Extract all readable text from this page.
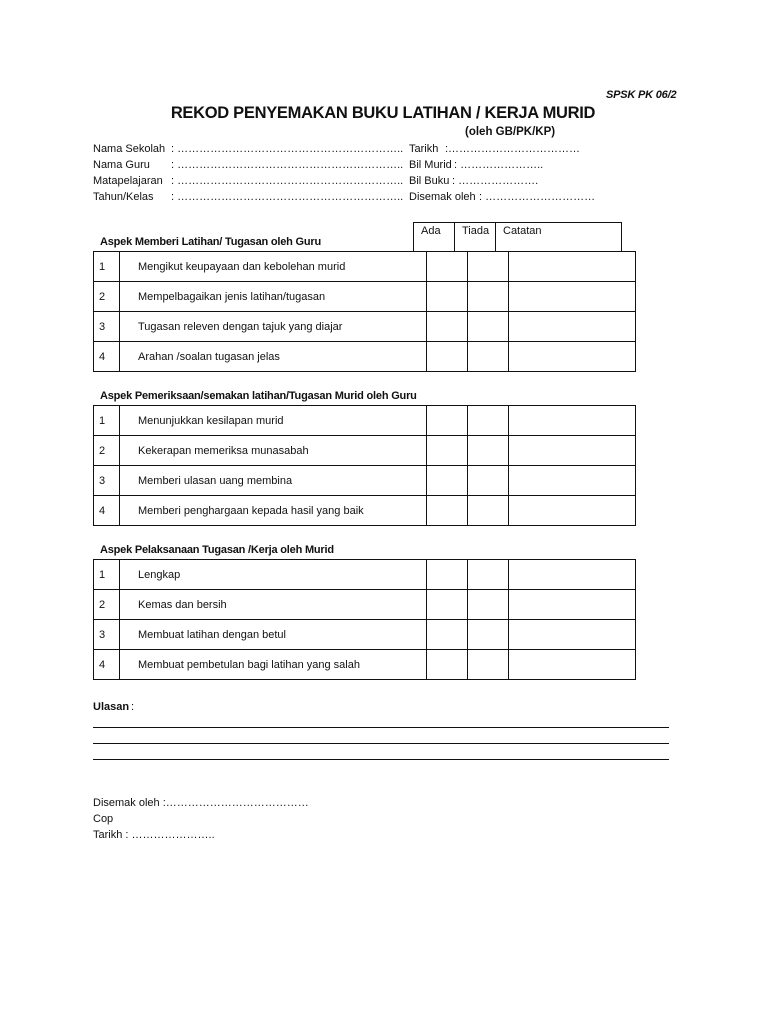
SPSK PK 06/2
REKOD PENYEMAKAN BUKU LATIHAN / KERJA MURID
(oleh GB/PK/KP)
Nama Sekolah : ……………………………………………………..
Nama Guru : ……………………………………………………..
Matapelajaran : ……………………………………………………..
Tahun/Kelas : ……………………………………………………..
Tarikh :………………………………
Bil Murid : …………………..
Bil Buku : ………………….
Disemak oleh : …………………………
Ada Tiada Catatan
Aspek Memberi Latihan/ Tugasan oleh Guru
1	Mengikut keupayaan dan kebolehan murid			
2	Mempelbagaikan jenis latihan/tugasan			
3	Tugasan releven dengan tajuk yang diajar			
4	Arahan /soalan tugasan jelas			
Aspek Pemeriksaan/semakan latihan/Tugasan Murid oleh Guru
1	Menunjukkan kesilapan murid			
2	Kekerapan memeriksa munasabah			
3	Memberi ulasan uang membina			
4	Memberi penghargaan kepada hasil yang baik			
Aspek Pelaksanaan Tugasan /Kerja oleh Murid
1	Lengkap			
2	Kemas dan bersih			
3	Membuat latihan dengan betul			
4	Membuat pembetulan bagi latihan yang salah			
Ulasan :
Disemak oleh :…………………………………
Cop
Tarikh : …………………..
